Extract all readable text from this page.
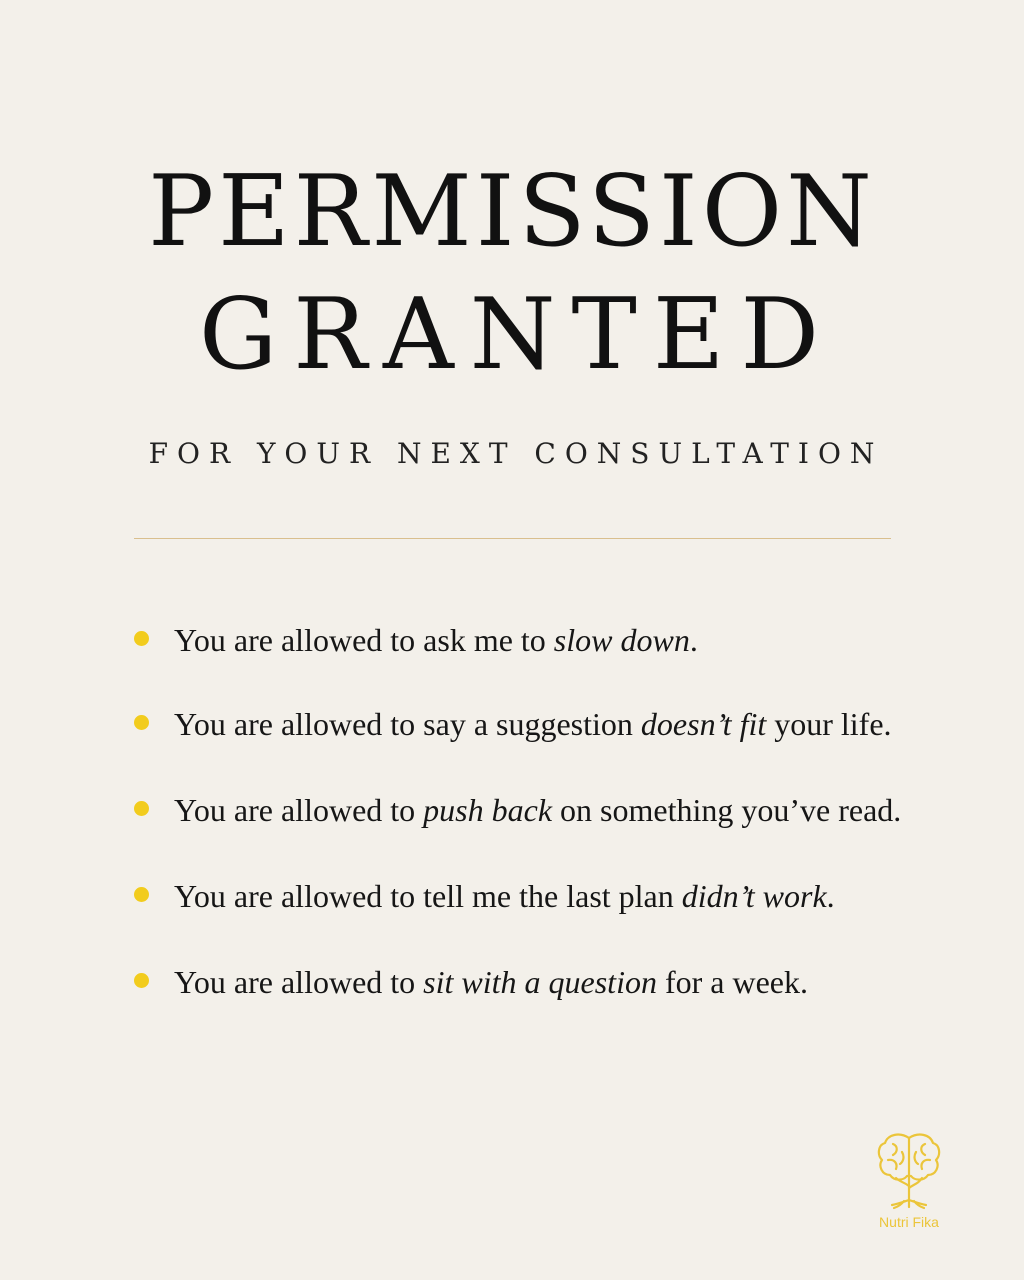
PERMISSION
GRANTED
FOR YOUR NEXT CONSULTATION
You are allowed to ask me to slow down.
You are allowed to say a suggestion doesn’t fit your life.
You are allowed to push back on something you’ve read.
You are allowed to tell me the last plan didn’t work.
You are allowed to sit with a question for a week.
Nutri Fika
